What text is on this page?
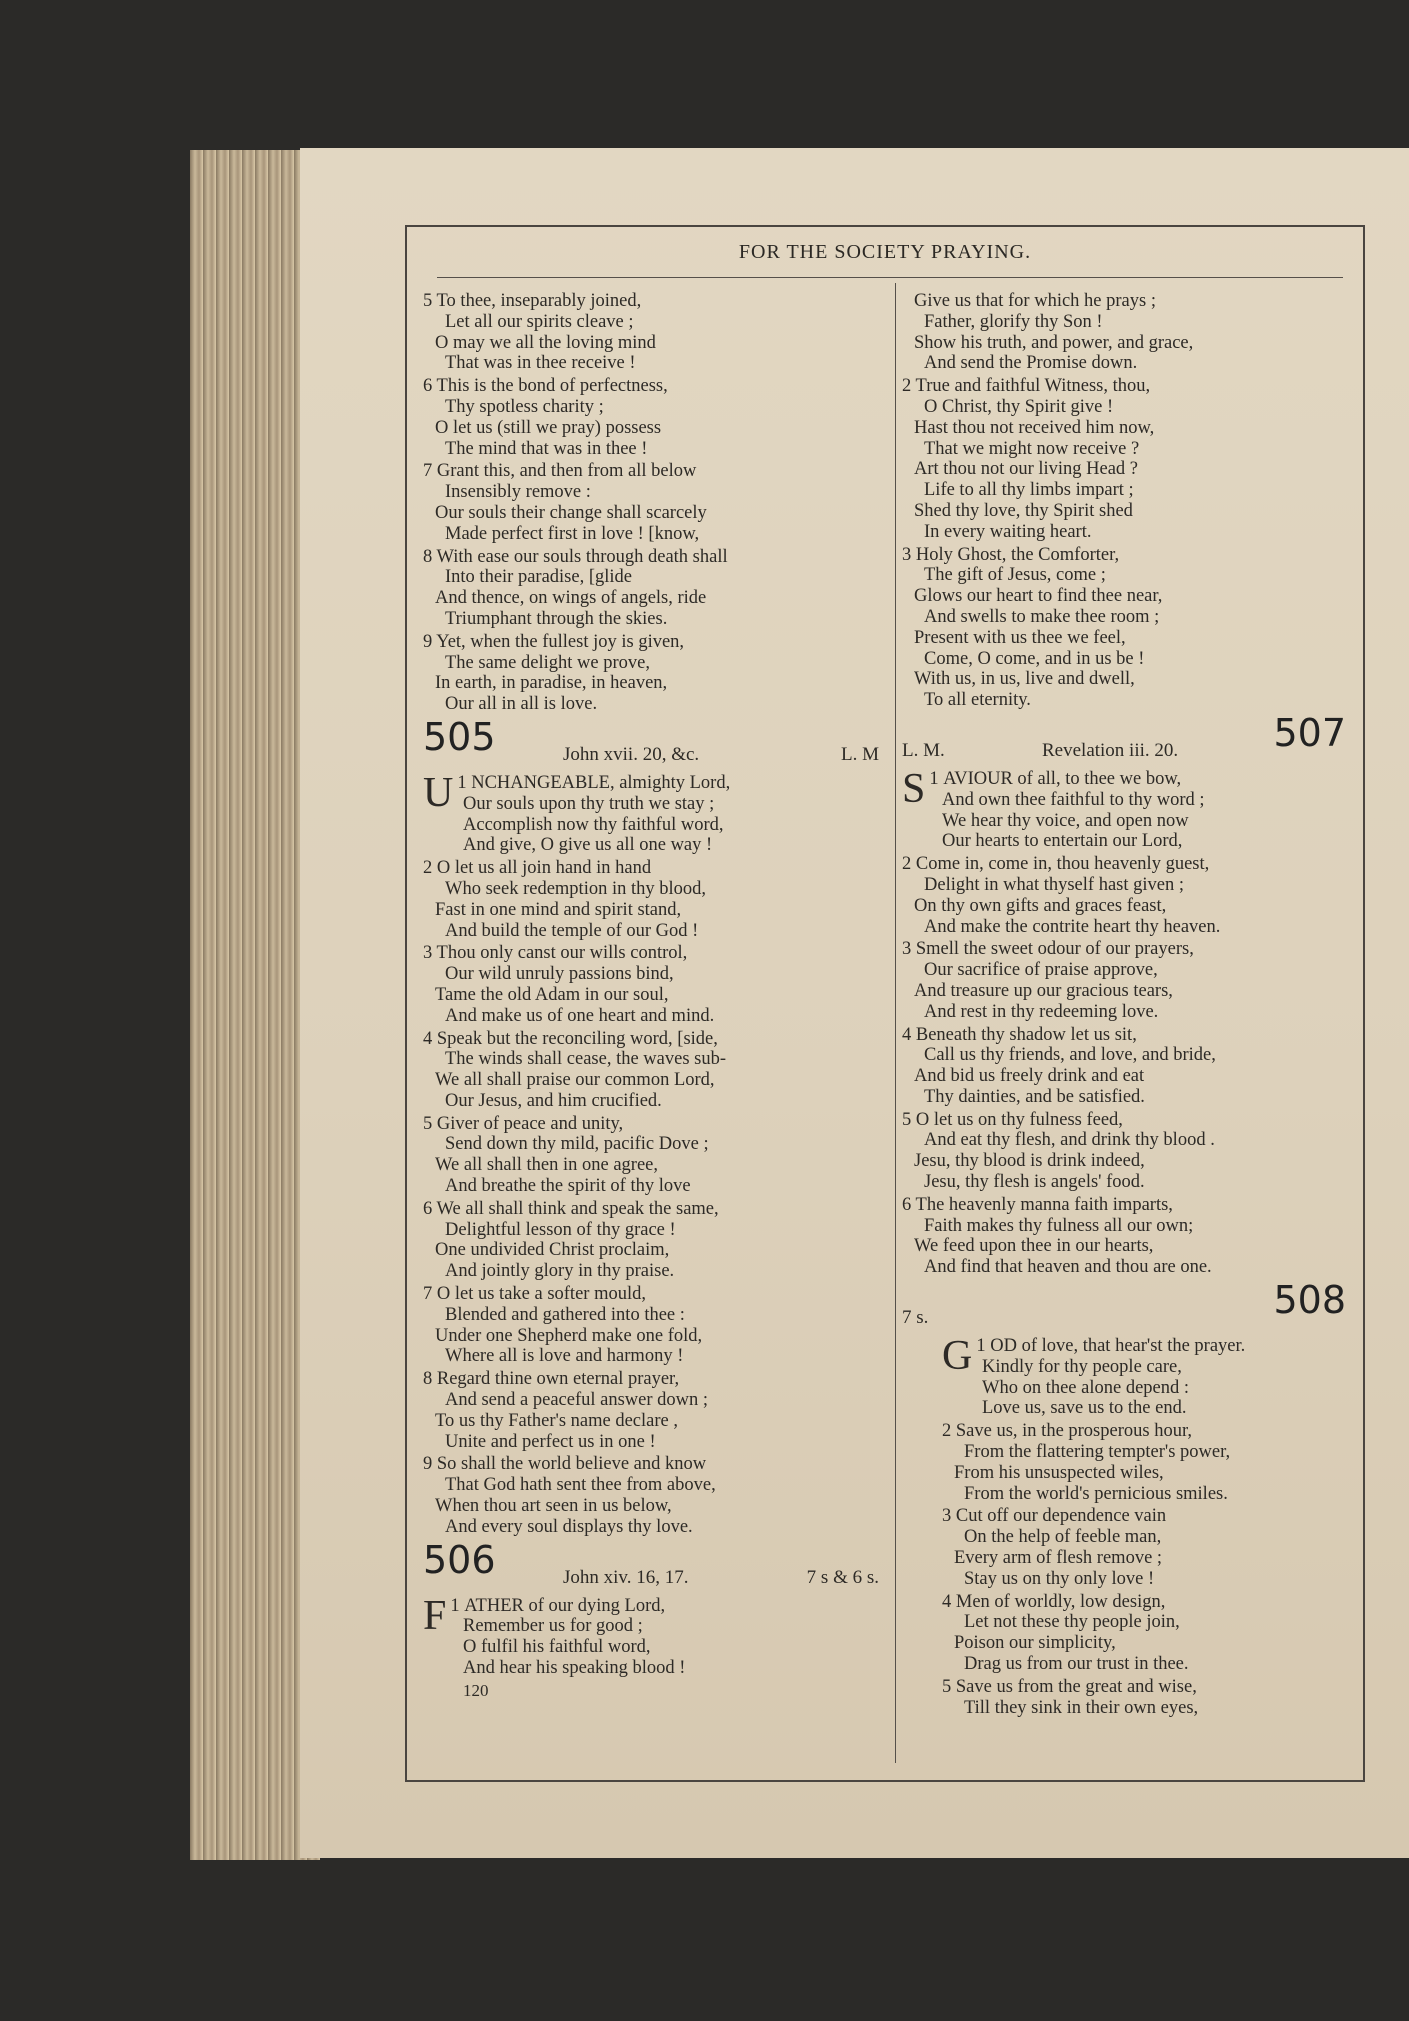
FOR THE SOCIETY PRAYING.
5 To thee, inseparably joined,
Let all our spirits cleave ;
O may we all the loving mind
That was in thee receive !
6 This is the bond of perfectness,
Thy spotless charity ;
O let us (still we pray) possess
The mind that was in thee !
7 Grant this, and then from all below
Insensibly remove :
Our souls their change shall scarcely
Made perfect first in love ! [know,
8 With ease our souls through death shall
Into their paradise, [glide
And thence, on wings of angels, ride
Triumphant through the skies.
9 Yet, when the fullest joy is given,
The same delight we prove,
In earth, in paradise, in heaven,
Our all in all is love.
505	John xvii. 20, &c.	L. M
1
U NCHANGEABLE, almighty Lord,
Our souls upon thy truth we stay ;
Accomplish now thy faithful word,
And give, O give us all one way !
2 O let us all join hand in hand
Who seek redemption in thy blood,
Fast in one mind and spirit stand,
And build the temple of our God !
3 Thou only canst our wills control,
Our wild unruly passions bind,
Tame the old Adam in our soul,
And make us of one heart and mind.
4 Speak but the reconciling word, [side,
The winds shall cease, the waves sub-
We all shall praise our common Lord,
Our Jesus, and him crucified.
5 Giver of peace and unity,
Send down thy mild, pacific Dove ;
We all shall then in one agree,
And breathe the spirit of thy love
6 We all shall think and speak the same,
Delightful lesson of thy grace !
One undivided Christ proclaim,
And jointly glory in thy praise.
7 O let us take a softer mould,
Blended and gathered into thee :
Under one Shepherd make one fold,
Where all is love and harmony !
8 Regard thine own eternal prayer,
And send a peaceful answer down ;
To us thy Father's name declare ,
Unite and perfect us in one !
9 So shall the world believe and know
That God hath sent thee from above,
When thou art seen in us below,
And every soul displays thy love.
506	John xiv. 16, 17.	7 s & 6 s.
1
F ATHER of our dying Lord,
Remember us for good ;
O fulfil his faithful word,
And hear his speaking blood !
120
Give us that for which he prays ;
Father, glorify thy Son !
Show his truth, and power, and grace,
And send the Promise down.
2 True and faithful Witness, thou,
O Christ, thy Spirit give !
Hast thou not received him now,
That we might now receive ?
Art thou not our living Head ?
Life to all thy limbs impart ;
Shed thy love, thy Spirit shed
In every waiting heart.
3 Holy Ghost, the Comforter,
The gift of Jesus, come ;
Glows our heart to find thee near,
And swells to make thee room ;
Present with us thee we feel,
Come, O come, and in us be !
With us, in us, live and dwell,
To all eternity.
L. M.	Revelation iii. 20.	507
1
S AVIOUR of all, to thee we bow,
And own thee faithful to thy word ;
We hear thy voice, and open now
Our hearts to entertain our Lord,
2 Come in, come in, thou heavenly guest,
Delight in what thyself hast given ;
On thy own gifts and graces feast,
And make the contrite heart thy heaven.
3 Smell the sweet odour of our prayers,
Our sacrifice of praise approve,
And treasure up our gracious tears,
And rest in thy redeeming love.
4 Beneath thy shadow let us sit,
Call us thy friends, and love, and bride,
And bid us freely drink and eat
Thy dainties, and be satisfied.
5 O let us on thy fulness feed,
And eat thy flesh, and drink thy blood .
Jesu, thy blood is drink indeed,
Jesu, thy flesh is angels' food.
6 The heavenly manna faith imparts,
Faith makes thy fulness all our own;
We feed upon thee in our hearts,
And find that heaven and thou are one.
7 s.	508
1
G OD of love, that hear'st the prayer.
Kindly for thy people care,
Who on thee alone depend :
Love us, save us to the end.
2 Save us, in the prosperous hour,
From the flattering tempter's power,
From his unsuspected wiles,
From the world's pernicious smiles.
3 Cut off our dependence vain
On the help of feeble man,
Every arm of flesh remove ;
Stay us on thy only love !
4 Men of worldly, low design,
Let not these thy people join,
Poison our simplicity,
Drag us from our trust in thee.
5 Save us from the great and wise,
Till they sink in their own eyes,
